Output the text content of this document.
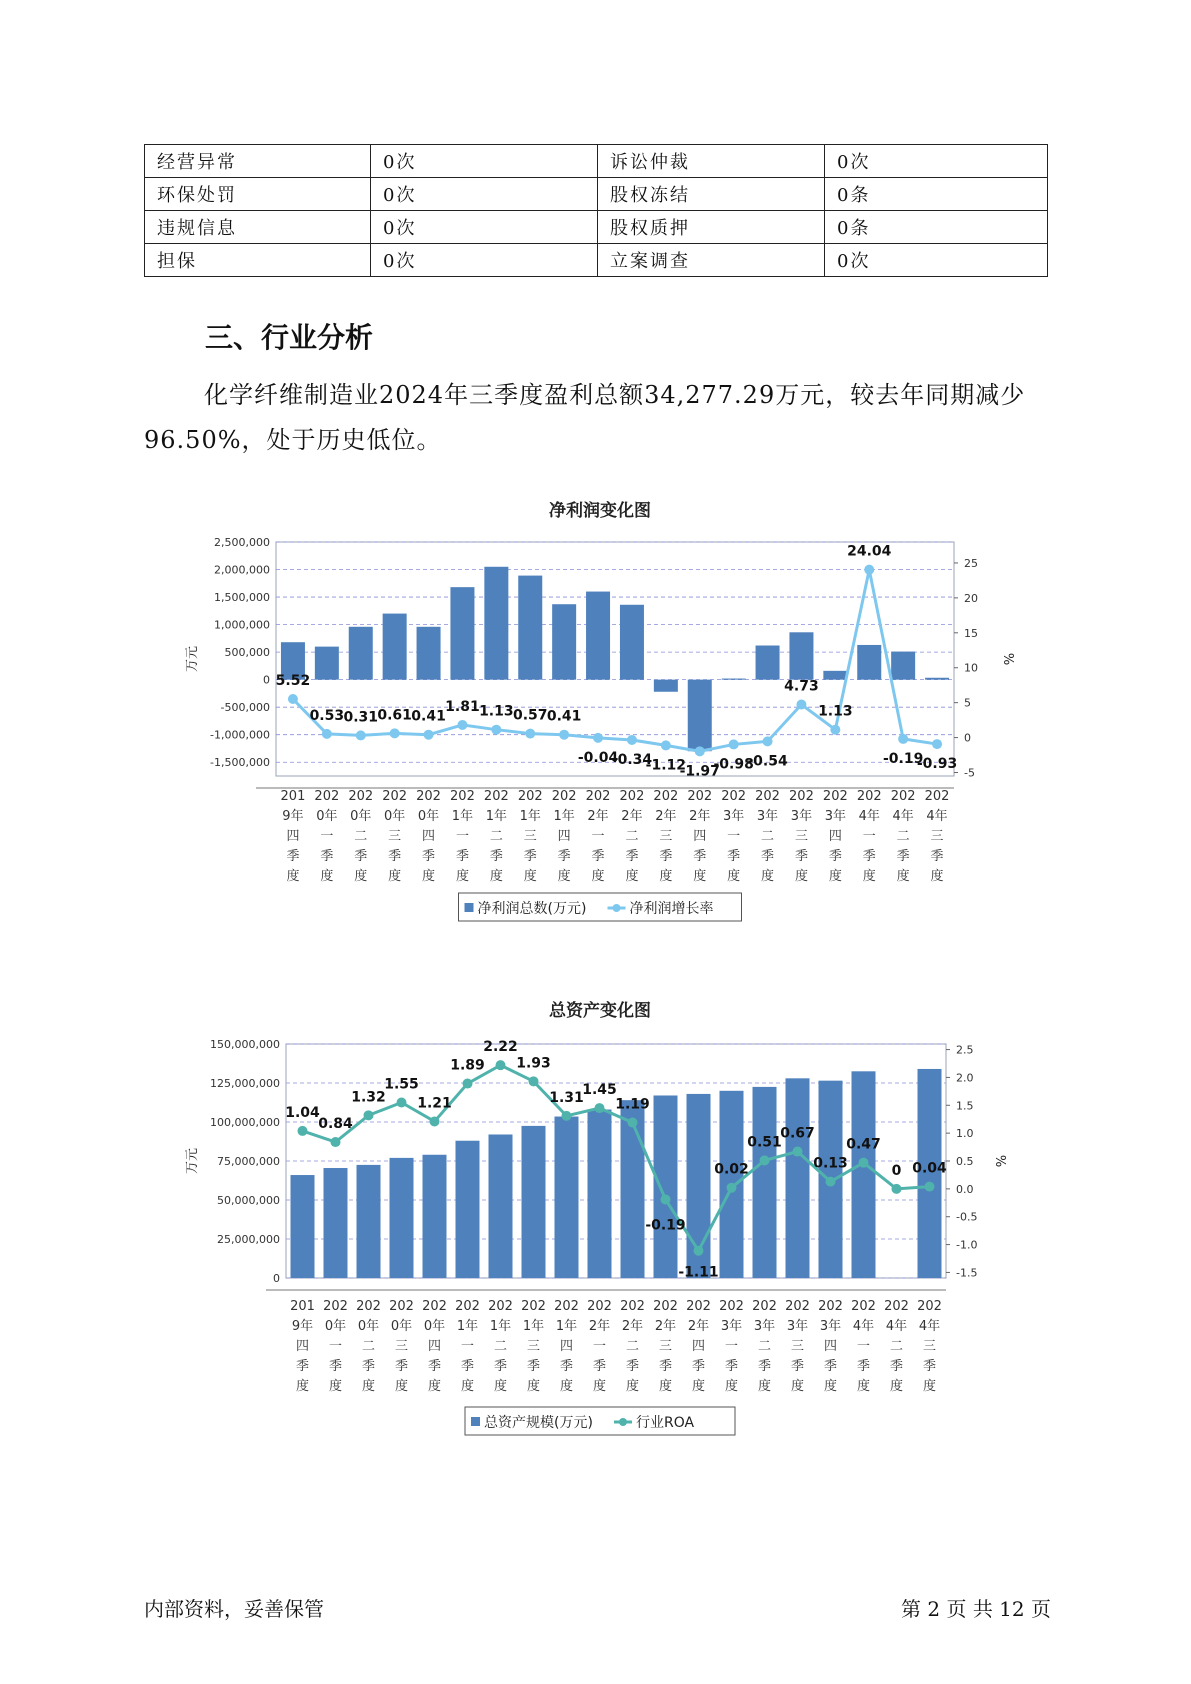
经营异常	0次	诉讼仲裁	0次
环保处罚	0次	股权冻结	0条
违规信息	0次	股权质押	0条
担保	0次	立案调查	0次
三、行业分析

化学纤维制造业2024年三季度盈利总额34,277.29万元，较去年同期减少96.50%，处于历史低位。

净利润变化图
-1,500,000
-1,000,000
-500,000
0
500,000
1,000,000
1,500,000
2,000,000
2,500,000
-5
0
5
10
15
20
25
万元	%
5.52
0.53 0.31 0.61 0.41
1.81 1.13 0.57 0.41
-0.04
-0.34
-1.12
-1.97
-0.98
-0.54
4.73
1.13
24.04
-0.19
-0.93
201 9年四季度
202 0年一季度
202 0年二季度
202 0年三季度
202 0年四季度
202 1年一季度
202 1年二季度
202 1年三季度
202 1年四季度
202 2年一季度
202 2年二季度
202 2年三季度
202 2年四季度
202 3年一季度
202 3年二季度
202 3年三季度
202 3年四季度
202 4年一季度
202 4年二季度
202 4年三季度
净利润总数(万元)	净利润增长率
总资产变化图
0
25,000,000
50,000,000
75,000,000
100,000,000
125,000,000
150,000,000
-1.5
-1.0
-0.5
0.0
0.5
1.0
1.5
2.0
2.5
万元	%
1.04
0.84
1.32
1.55
1.21
1.89
2.22
1.93
1.31
1.45
1.19
-0.19
-1.11
0.02
0.51
0.67
0.13
0.47
0 0.04
201 9年四季度
202 0年一季度
202 0年二季度
202 0年三季度
202 0年四季度
202 1年一季度
202 1年二季度
202 1年三季度
202 1年四季度
202 2年一季度
202 2年二季度
202 2年三季度
202 2年四季度
202 3年一季度
202 3年二季度
202 3年三季度
202 3年四季度
202 4年一季度
202 4年二季度
202 4年三季度
总资产规模(万元)	行业ROA
内部资料，妥善保管	第 2 页 共 12 页
